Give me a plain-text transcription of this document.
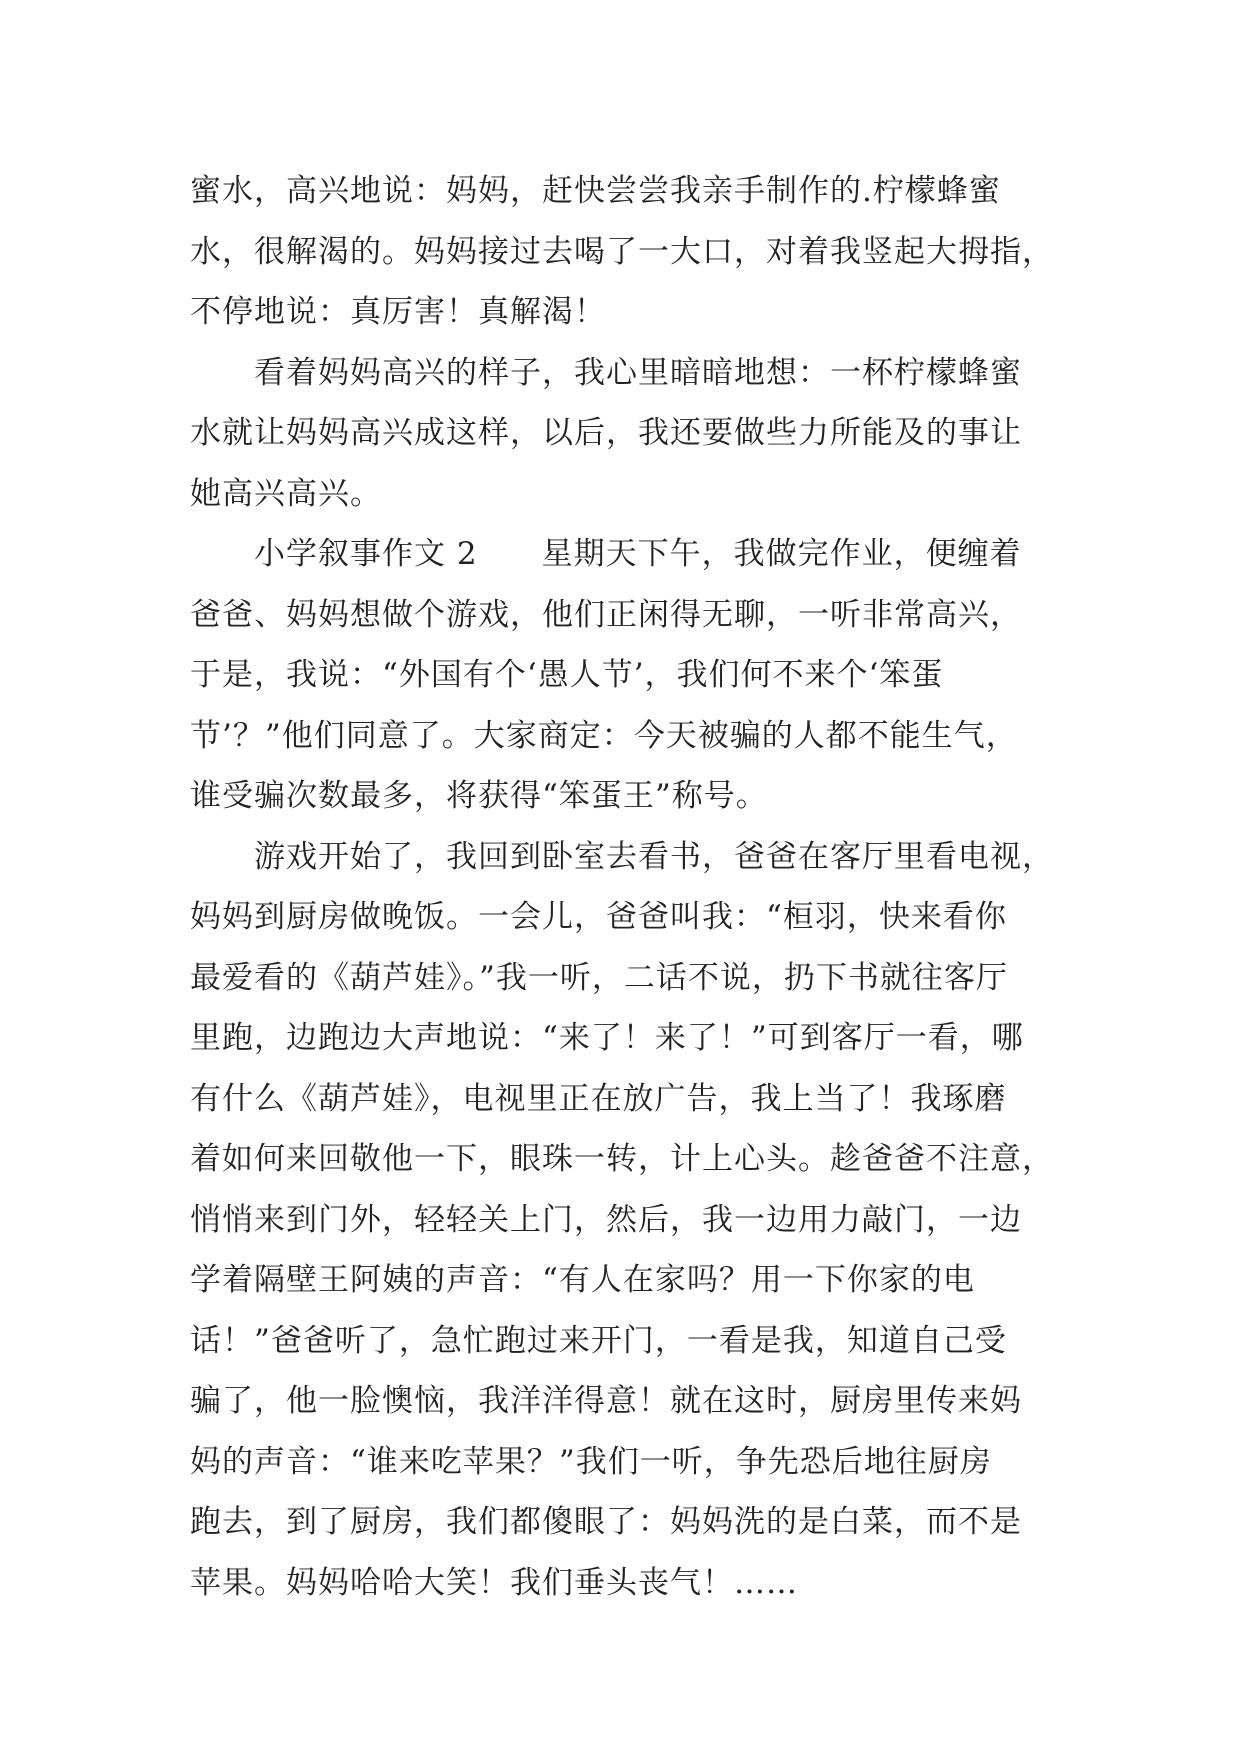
蜜水，高兴地说：妈妈，赶快尝尝我亲手制作的.柠檬蜂蜜
水，很解渴的。妈妈接过去喝了一大口，对着我竖起大拇指，
不停地说：真厉害！真解渴！
　　看着妈妈高兴的样子，我心里暗暗地想：一杯柠檬蜂蜜
水就让妈妈高兴成这样，以后，我还要做些力所能及的事让
她高兴高兴。
　　小学叙事作文 2　　星期天下午，我做完作业，便缠着
爸爸、妈妈想做个游戏，他们正闲得无聊，一听非常高兴，
于是，我说：“外国有个‘愚人节’，我们何不来个‘笨蛋
节’？”他们同意了。大家商定：今天被骗的人都不能生气，
谁受骗次数最多，将获得“笨蛋王”称号。
　　游戏开始了，我回到卧室去看书，爸爸在客厅里看电视，
妈妈到厨房做晚饭。一会儿，爸爸叫我：“桓羽，快来看你
最爱看的《葫芦娃》。”我一听，二话不说，扔下书就往客厅
里跑，边跑边大声地说：“来了！来了！”可到客厅一看，哪
有什么《葫芦娃》，电视里正在放广告，我上当了！我琢磨
着如何来回敬他一下，眼珠一转，计上心头。趁爸爸不注意，
悄悄来到门外，轻轻关上门，然后，我一边用力敲门，一边
学着隔壁王阿姨的声音：“有人在家吗？用一下你家的电
话！”爸爸听了，急忙跑过来开门，一看是我，知道自己受
骗了，他一脸懊恼，我洋洋得意！就在这时，厨房里传来妈
妈的声音：“谁来吃苹果？”我们一听，争先恐后地往厨房
跑去，到了厨房，我们都傻眼了：妈妈洗的是白菜，而不是
苹果。妈妈哈哈大笑！我们垂头丧气！……
